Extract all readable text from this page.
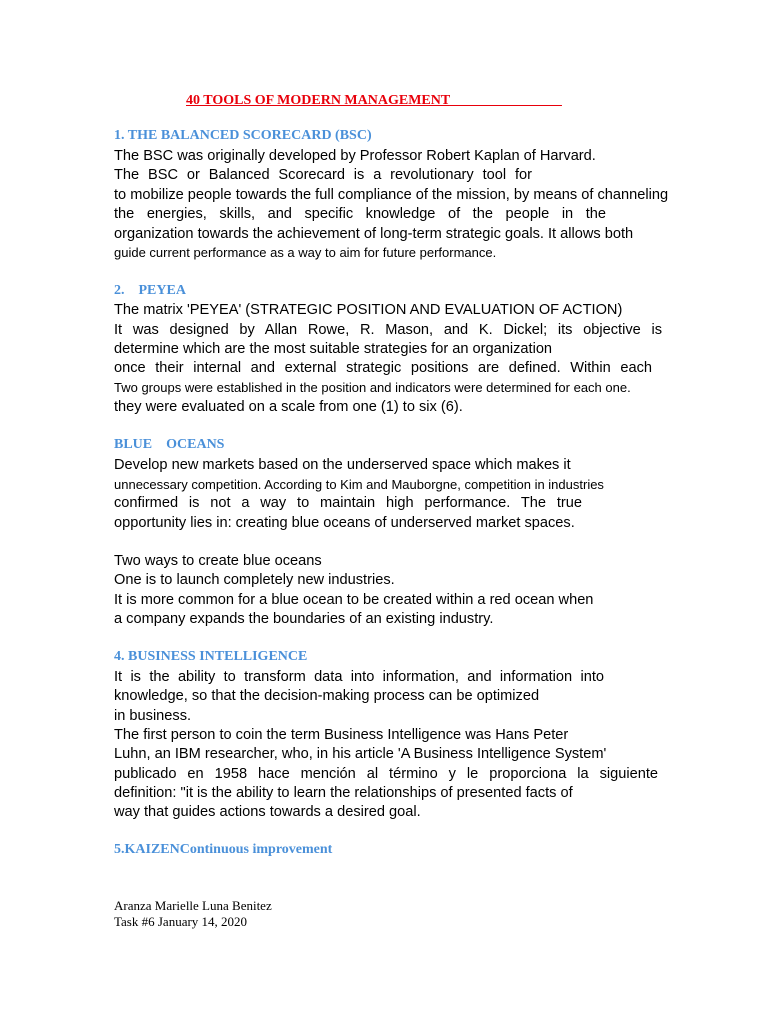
40 TOOLS OF MODERN MANAGEMENT
1. THE BALANCED SCORECARD (BSC)
The BSC was originally developed by Professor Robert Kaplan of Harvard.
The BSC or Balanced Scorecard is a revolutionary tool for
to mobilize people towards the full compliance of the mission, by means of channeling
the energies, skills, and specific knowledge of the people in the
organization towards the achievement of long-term strategic goals. It allows both
guide current performance as a way to aim for future performance.
2.    PEYEA
The matrix 'PEYEA' (STRATEGIC POSITION AND EVALUATION OF ACTION)
It was designed by Allan Rowe, R. Mason, and K. Dickel; its objective is
determine which are the most suitable strategies for an organization
once their internal and external strategic positions are defined. Within each
Two groups were established in the position and indicators were determined for each one.
they were evaluated on a scale from one (1) to six (6).
BLUE    OCEANS
Develop new markets based on the underserved space which makes it
unnecessary competition. According to Kim and Mauborgne, competition in industries
confirmed is not a way to maintain high performance. The true
opportunity lies in: creating blue oceans of underserved market spaces.
Two ways to create blue oceans
One is to launch completely new industries.
It is more common for a blue ocean to be created within a red ocean when
a company expands the boundaries of an existing industry.
4. BUSINESS INTELLIGENCE
It is the ability to transform data into information, and information into
knowledge, so that the decision-making process can be optimized
in business.
The first person to coin the term Business Intelligence was Hans Peter
Luhn, an IBM researcher, who, in his article 'A Business Intelligence System'
publicado en 1958 hace mención al término y le proporciona la siguiente
definition: "it is the ability to learn the relationships of presented facts of
way that guides actions towards a desired goal.
5.KAIZENContinuous improvement
Aranza Marielle Luna Benitez
Task #6 January 14, 2020
